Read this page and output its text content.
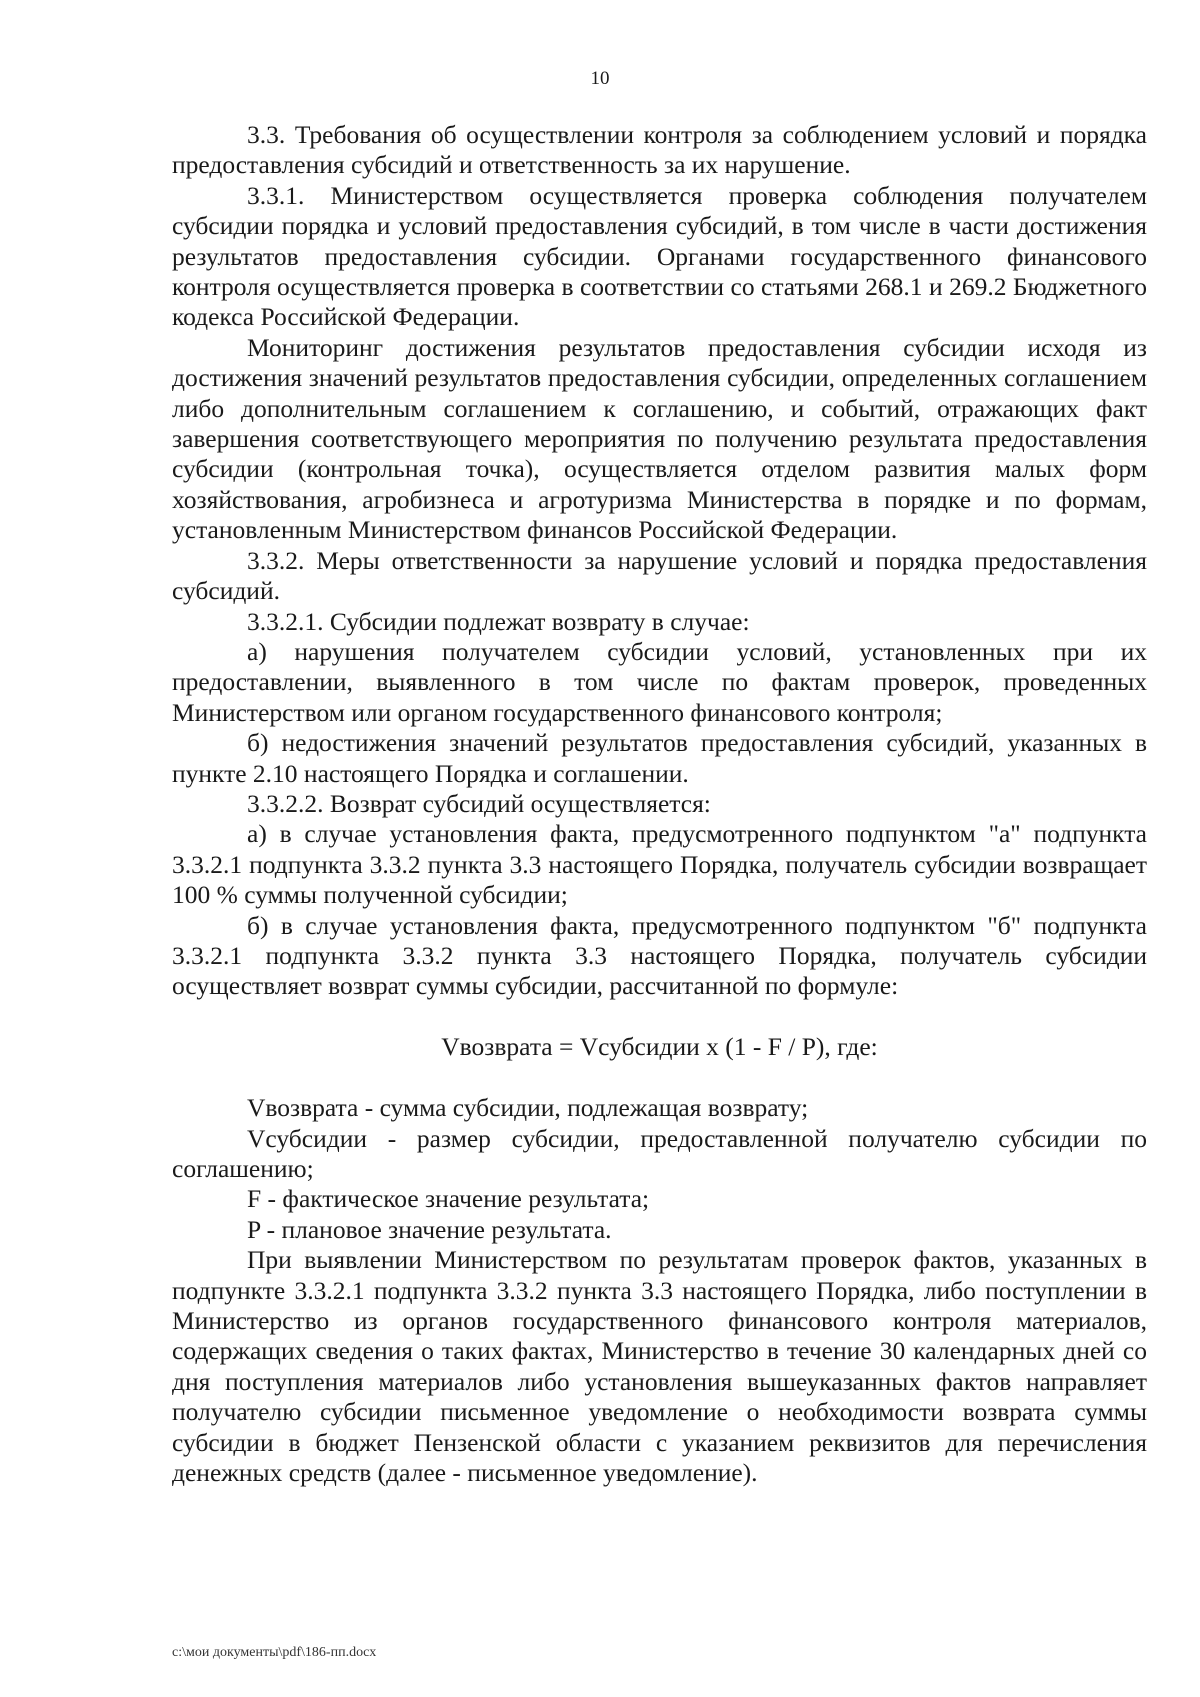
10

3.3. Требования об осуществлении контроля за соблюдением условий и порядка предоставления субсидий и ответственность за их нарушение.

3.3.1. Министерством осуществляется проверка соблюдения получателем субсидии порядка и условий предоставления субсидий, в том числе в части достижения результатов предоставления субсидии. Органами государственного финансового контроля осуществляется проверка в соответствии со статьями 268.1 и 269.2 Бюджетного кодекса Российской Федерации.

Мониторинг достижения результатов предоставления субсидии исходя из достижения значений результатов предоставления субсидии, определенных соглашением либо дополнительным соглашением к соглашению, и событий, отражающих факт завершения соответствующего мероприятия по получению результата предоставления субсидии (контрольная точка), осуществляется отделом развития малых форм хозяйствования, агробизнеса и агротуризма Министерства в порядке и по формам, установленным Министерством финансов Российской Федерации.

3.3.2. Меры ответственности за нарушение условий и порядка предоставления субсидий.

3.3.2.1. Субсидии подлежат возврату в случае:

а) нарушения получателем субсидии условий, установленных при их предоставлении, выявленного в том числе по фактам проверок, проведенных Министерством или органом государственного финансового контроля;

б) недостижения значений результатов предоставления субсидий, указанных в пункте 2.10 настоящего Порядка и соглашении.

3.3.2.2. Возврат субсидий осуществляется:

а) в случае установления факта, предусмотренного подпунктом "а" подпункта 3.3.2.1 подпункта 3.3.2 пункта 3.3 настоящего Порядка, получатель субсидии возвращает 100 % суммы полученной субсидии;

б) в случае установления факта, предусмотренного подпунктом "б" подпункта 3.3.2.1 подпункта 3.3.2 пункта 3.3 настоящего Порядка, получатель субсидии осуществляет возврат суммы субсидии, рассчитанной по формуле:

Vвозврата = Vсубсидии x (1 - F / P), где:

Vвозврата - сумма субсидии, подлежащая возврату;

Vсубсидии - размер субсидии, предоставленной получателю субсидии по соглашению;

F - фактическое значение результата;

P - плановое значение результата.

При выявлении Министерством по результатам проверок фактов, указанных в подпункте 3.3.2.1 подпункта 3.3.2 пункта 3.3 настоящего Порядка, либо поступлении в Министерство из органов государственного финансового контроля материалов, содержащих сведения о таких фактах, Министерство в течение 30 календарных дней со дня поступления материалов либо установления вышеуказанных фактов направляет получателю субсидии письменное уведомление о необходимости возврата суммы субсидии в бюджет Пензенской области с указанием реквизитов для перечисления денежных средств (далее - письменное уведомление).

c:\мои документы\pdf\186-пп.docx
